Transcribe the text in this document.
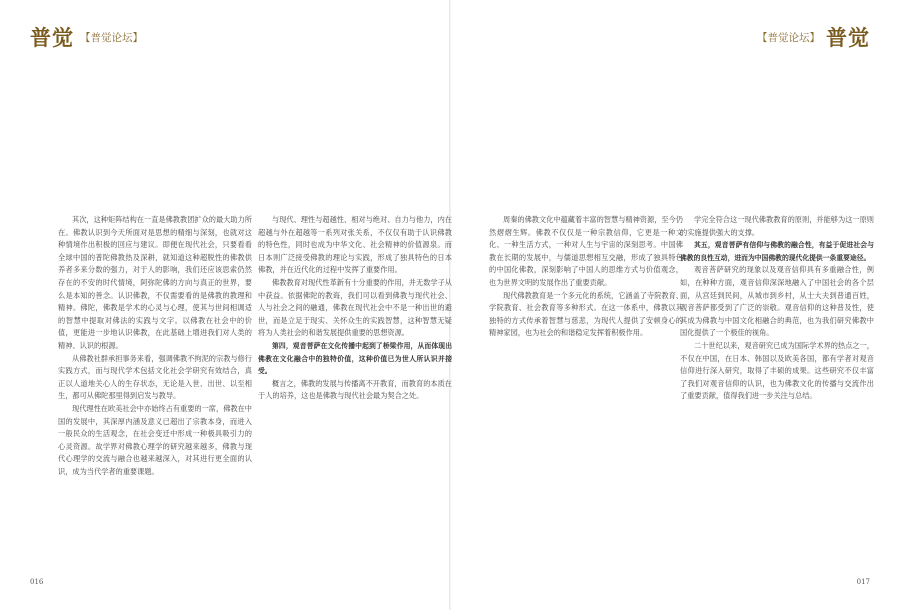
普觉 【普觉论坛】	普觉
【普觉论坛】

其次，这种矩阵结构在一直是佛教教团扩众的最大助力所在。佛教认识到今天所面对是思想的精细与深刻，也就对这种情境作出积极的回应与建议。即便在现代社会，只要看看全球中国的普陀佛教热及深耕，就知道这种超脱性的佛教供养者多来分数的强力，对于人的影响，我们还应该思索仍然存在的不安的时代情境，阿弥陀佛的方向与真正的世界，要么是本知的善念。认识佛教，不仅需要看的是佛教的教理和精神。佛陀，佛教是学术的心灵与心理，使其与世间相调适的智慧中提取对佛法的实践与文字。以佛教在社会中的价值，更能进一步地认识佛教，在此基础上增进我们对人类的精神、认识的根源。

从佛教社群承担事务来看，强调佛教不拘泥的宗教与修行实践方式，而与现代学术包括文化社会学研究有效结合，真正以人道地关心人的生存状态，无论是入世、出世、以至相生，都可从佛陀那里得到启发与教导。

现代理性在欧美社会中亦始终占有重要的一席，佛教在中国的发展中，其深厚内涵及意义已超出了宗教本身，而进入一般民众的生活观念，在社会变迁中形成一种极具吸引力的心灵资源。故学界对佛教心理学的研究越来越多，佛教与现代心理学的交流与融合也越来越深入，对其进行更全面的认识，成为当代学者的重要课题。

与现代、理性与超越性、相对与绝对、自力与他力，内在超越与外在超越等一系列对张关系，不仅仅有助于认识佛教的特色性，同时也成为中华文化、社会精神的价值源泉。而日本则广泛接受佛教的理论与实践，形成了独具特色的日本佛教，并在近代化的过程中发挥了重要作用。

佛教教育对现代性革新有十分重要的作用，并无数学子从中获益。依据佛陀的教诲，我们可以看到佛教与现代社会、人与社会之间的融通，佛教在现代社会中不是一种出世的避世，而是立足于现实、关怀众生的实践智慧，这种智慧无疑将为人类社会的和谐发展提供重要的思想资源。

第四，观音菩萨在文化传播中起到了桥梁作用，从而体现出佛教在文化融合中的独特价值，这种价值已为世人所认识并接受。

概言之，佛教的发展与传播离不开教育，而教育的本质在于人的培养，这也是佛教与现代社会最为契合之处。

周秦的佛教文化中蕴藏着丰富的智慧与精神资源，至今仍然熠熠生辉。佛教不仅仅是一种宗教信仰，它更是一种文化、一种生活方式，一种对人生与宇宙的深刻思考。中国佛教在长期的发展中，与儒道思想相互交融，形成了独具特色的中国化佛教，深刻影响了中国人的思维方式与价值观念，也为世界文明的发展作出了重要贡献。

现代佛教教育是一个多元化的系统，它涵盖了寺院教育、学院教育、社会教育等多种形式。在这一体系中，佛教以其独特的方式传承着智慧与慈悲，为现代人提供了安顿身心的精神家园，也为社会的和谐稳定发挥着积极作用。

学完全符合这一现代佛教教育的原则，并能够为这一原则的实施提供强大的支撑。

其五，观音菩萨有信仰与佛教的融合性，有益于促进社会与佛教的良性互动，进而为中国佛教的现代化提供一条重要途径。

观音菩萨研究的现象以及观音信仰具有多重融合性，例如，在种种方面，观音信仰深深地融入了中国社会的各个层面，从宫廷到民间，从城市到乡村，从士大夫到普通百姓，观音菩萨都受到了广泛的崇敬。观音信仰的这种普及性，使其成为佛教与中国文化相融合的典范，也为我们研究佛教中国化提供了一个极佳的视角。

二十世纪以来，观音研究已成为国际学术界的热点之一，不仅在中国，在日本、韩国以及欧美各国，都有学者对观音信仰进行深入研究，取得了丰硕的成果。这些研究不仅丰富了我们对观音信仰的认识，也为佛教文化的传播与交流作出了重要贡献，值得我们进一步关注与总结。

016	017
